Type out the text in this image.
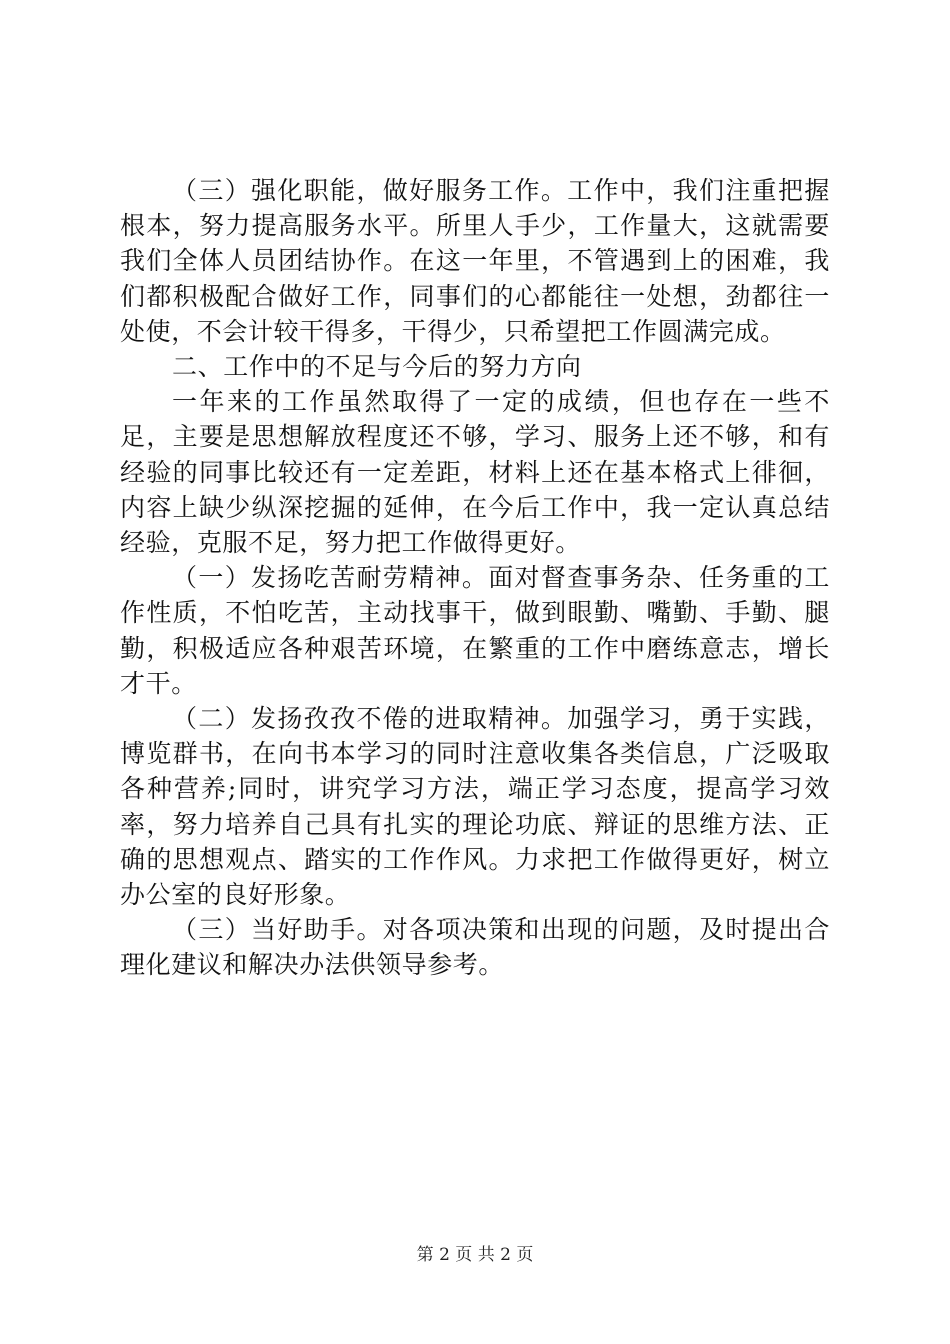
（三）强化职能，做好服务工作。工作中，我们注重把握根本，努力提高服务水平。所里人手少，工作量大，这就需要我们全体人员团结协作。在这一年里，不管遇到上的困难，我们都积极配合做好工作，同事们的心都能往一处想，劲都往一处使，不会计较干得多，干得少，只希望把工作圆满完成。

二、工作中的不足与今后的努力方向

一年来的工作虽然取得了一定的成绩，但也存在一些不足，主要是思想解放程度还不够，学习、服务上还不够，和有经验的同事比较还有一定差距，材料上还在基本格式上徘徊，内容上缺少纵深挖掘的延伸，在今后工作中，我一定认真总结经验，克服不足，努力把工作做得更好。

（一）发扬吃苦耐劳精神。面对督查事务杂、任务重的工作性质，不怕吃苦，主动找事干，做到眼勤、嘴勤、手勤、腿勤，积极适应各种艰苦环境，在繁重的工作中磨练意志，增长才干。

（二）发扬孜孜不倦的进取精神。加强学习，勇于实践，博览群书，在向书本学习的同时注意收集各类信息，广泛吸取各种营养;同时，讲究学习方法，端正学习态度，提高学习效率，努力培养自己具有扎实的理论功底、辩证的思维方法、正确的思想观点、踏实的工作作风。力求把工作做得更好，树立办公室的良好形象。

（三）当好助手。对各项决策和出现的问题，及时提出合理化建议和解决办法供领导参考。

第 2 页 共 2 页
